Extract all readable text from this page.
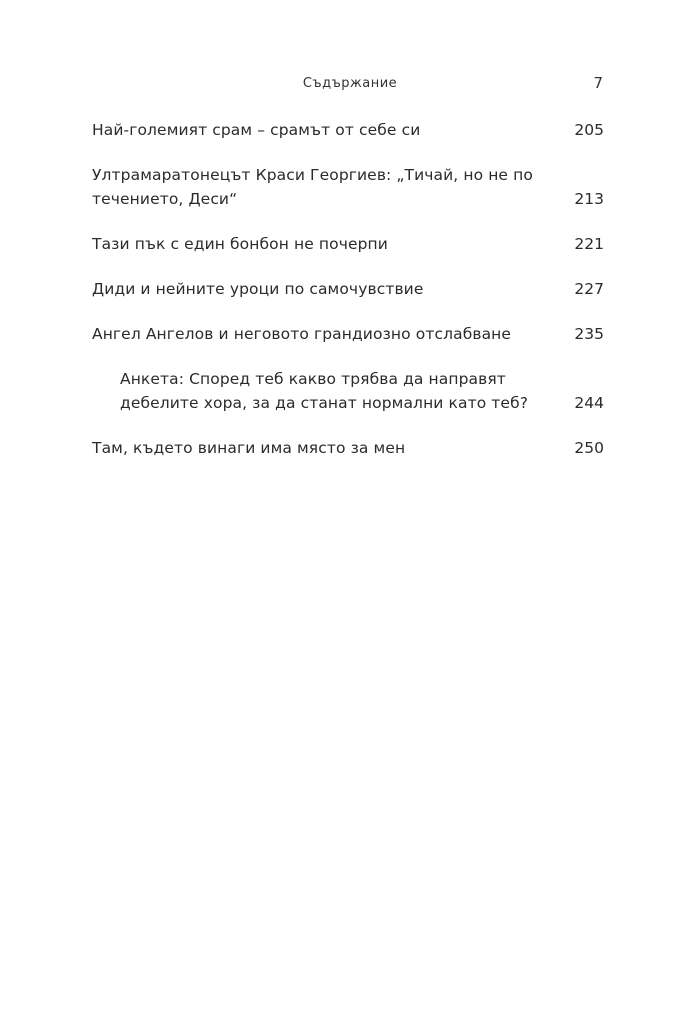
Съдържание	7
Най-големият срам – срамът от себе си	205
Ултрамаратонецът Краси Георгиев: „Тичай, но не по
течението, Деси“	213
Тази пък с един бонбон не почерпи	221
Диди и нейните уроци по самочувствие	227
Ангел Ангелов и неговото грандиозно отслабване	235
Анкета: Според теб какво трябва да направят
дебелите хора, за да станат нормални като теб?	244
Там, където винаги има място за мен	250
